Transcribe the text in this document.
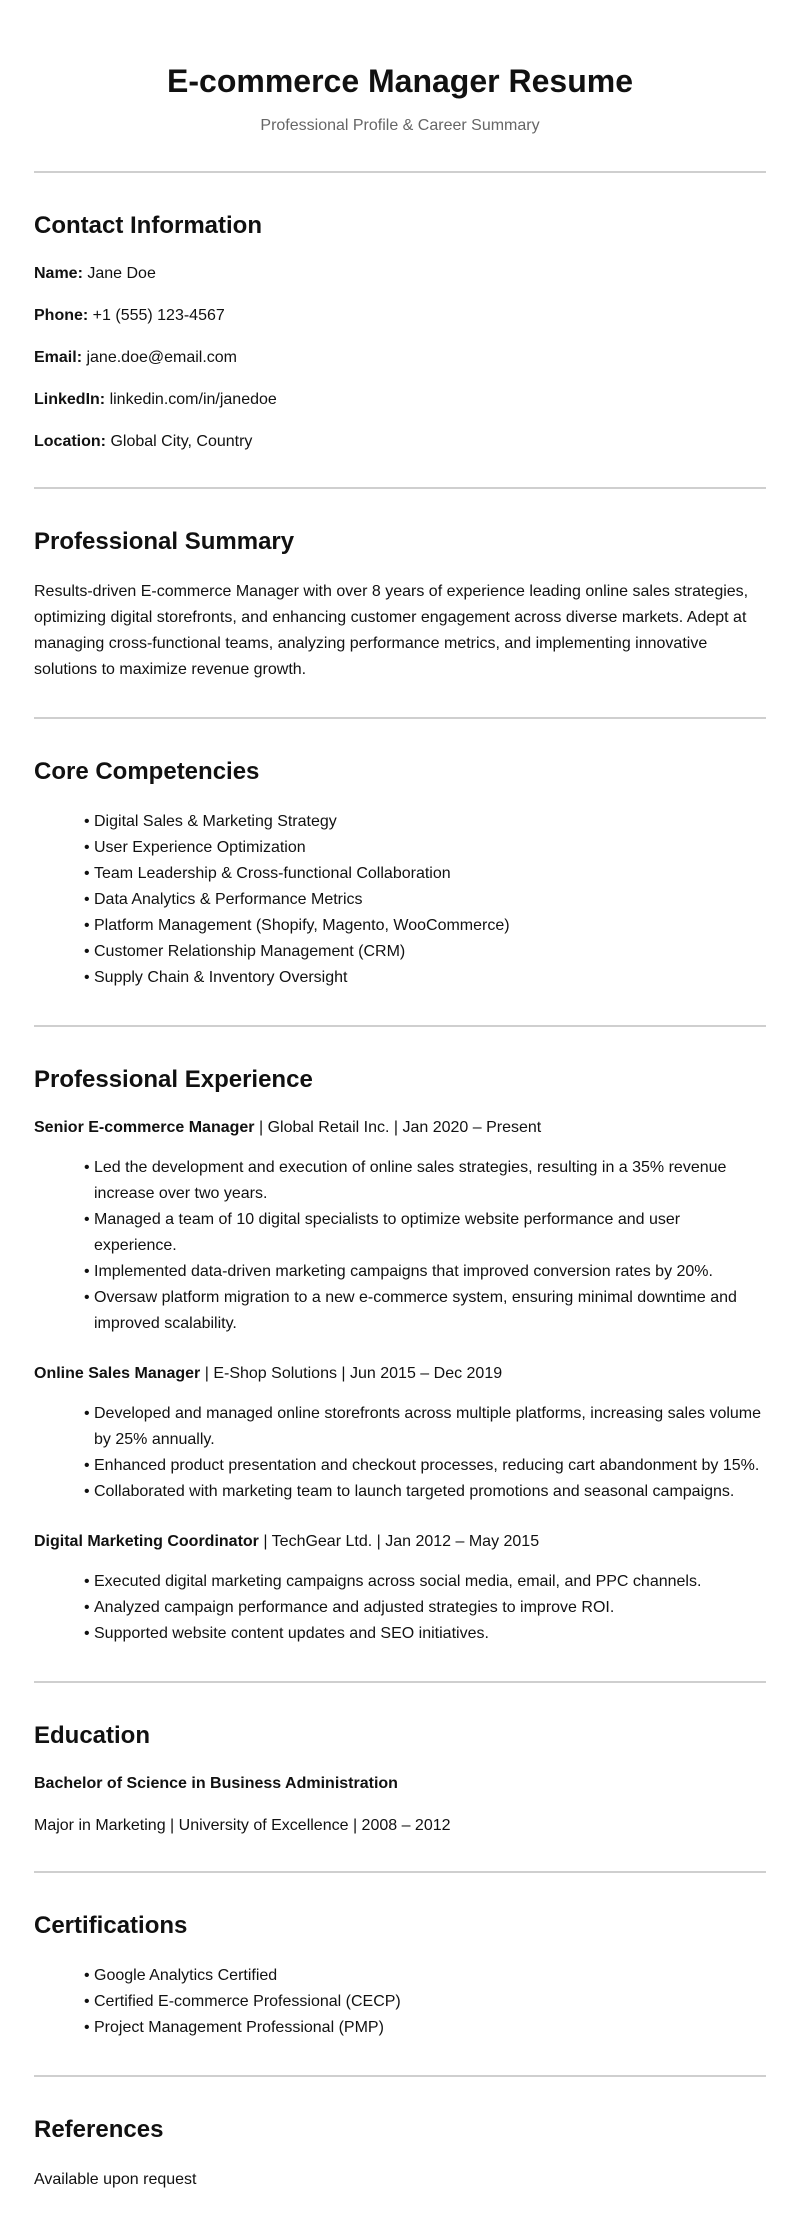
E-commerce Manager Resume

Professional Profile & Career Summary

Contact Information

Name: Jane Doe

Phone: +1 (555) 123-4567

Email: jane.doe@email.com

LinkedIn: linkedin.com/in/janedoe

Location: Global City, Country

Professional Summary

Results-driven E-commerce Manager with over 8 years of experience leading online sales strategies, optimizing digital storefronts, and enhancing customer engagement across diverse markets. Adept at managing cross-functional teams, analyzing performance metrics, and implementing innovative solutions to maximize revenue growth.

Core Competencies
• Digital Sales & Marketing Strategy
• User Experience Optimization
• Team Leadership & Cross-functional Collaboration
• Data Analytics & Performance Metrics
• Platform Management (Shopify, Magento, WooCommerce)
• Customer Relationship Management (CRM)
• Supply Chain & Inventory Oversight
Professional Experience

Senior E-commerce Manager | Global Retail Inc. | Jan 2020 – Present

• Led the development and execution of online sales strategies, resulting in a 35% revenue increase over two years.
• Managed a team of 10 digital specialists to optimize website performance and user experience.
• Implemented data-driven marketing campaigns that improved conversion rates by 20%.
• Oversaw platform migration to a new e-commerce system, ensuring minimal downtime and improved scalability.

Online Sales Manager | E-Shop Solutions | Jun 2015 – Dec 2019

• Developed and managed online storefronts across multiple platforms, increasing sales volume by 25% annually.
• Enhanced product presentation and checkout processes, reducing cart abandonment by 15%.
• Collaborated with marketing team to launch targeted promotions and seasonal campaigns.

Digital Marketing Coordinator | TechGear Ltd. | Jan 2012 – May 2015

• Executed digital marketing campaigns across social media, email, and PPC channels.
• Analyzed campaign performance and adjusted strategies to improve ROI.
• Supported website content updates and SEO initiatives.
Education

Bachelor of Science in Business Administration

Major in Marketing | University of Excellence | 2008 – 2012

Certifications
• Google Analytics Certified
• Certified E-commerce Professional (CECP)
• Project Management Professional (PMP)
References

Available upon request
